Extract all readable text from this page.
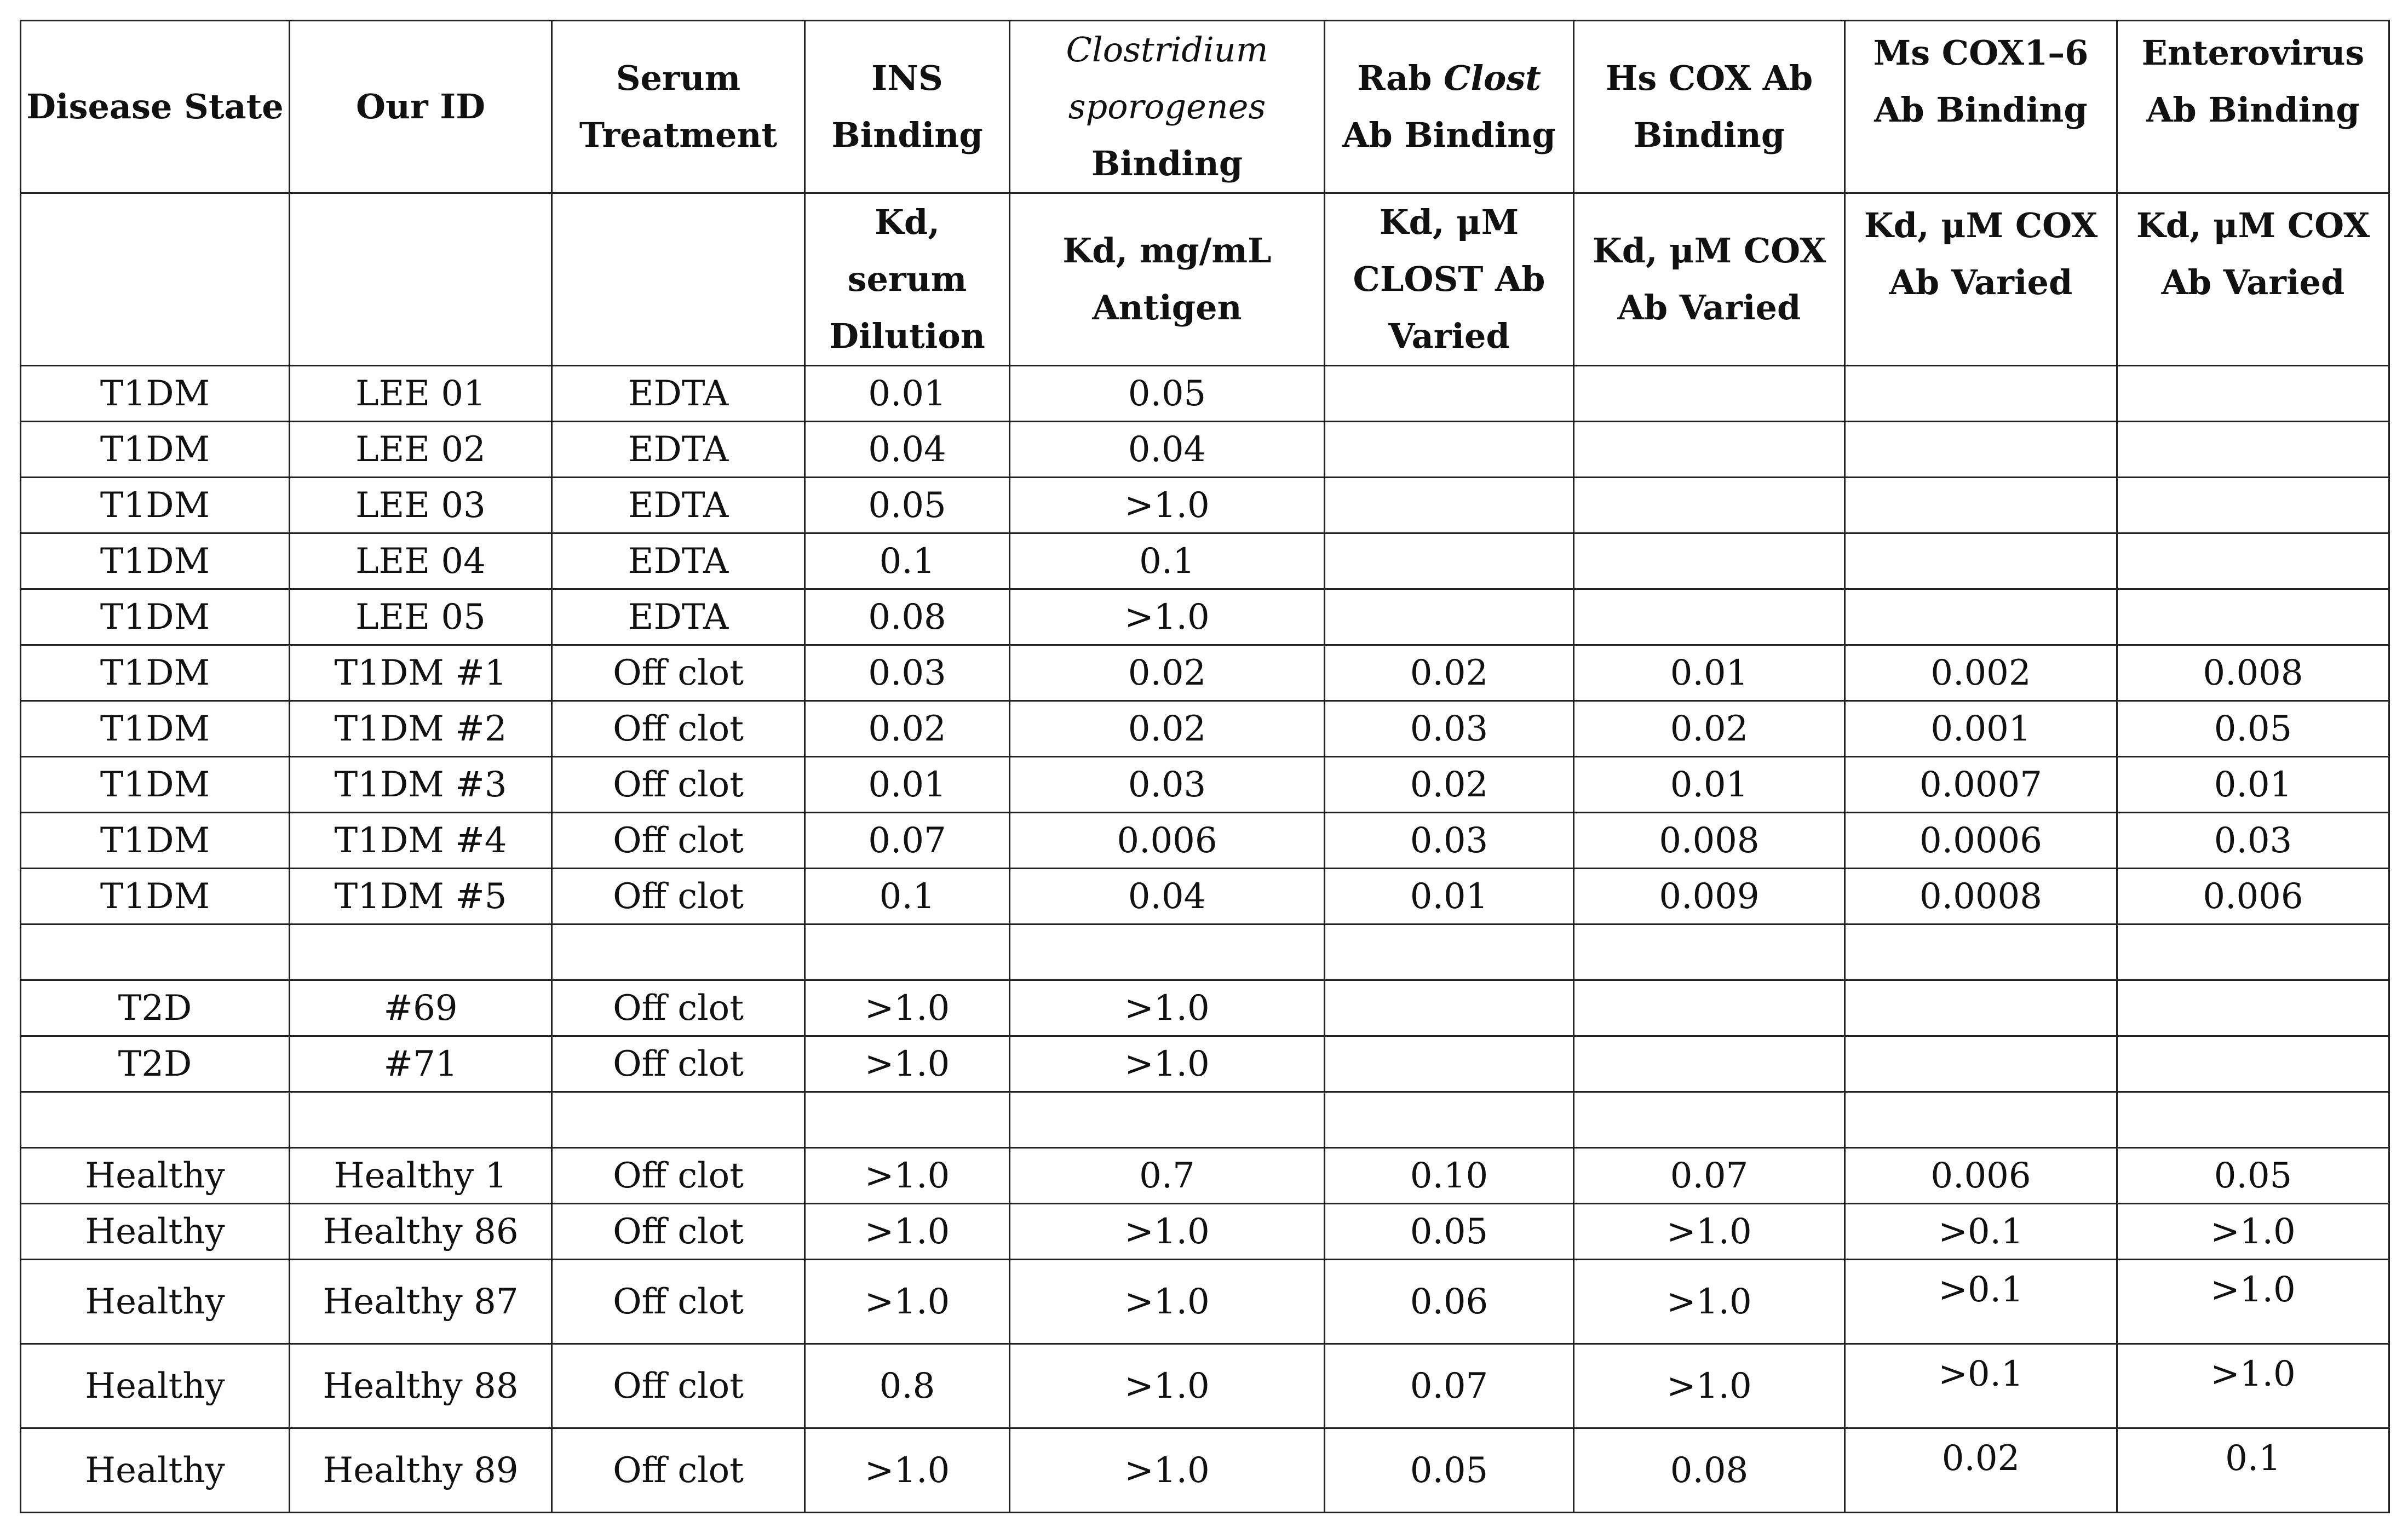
Disease State	Our ID	Serum Treatment	INS Binding	Clostridium sporogenes Binding	Rab Clost Ab Binding	Hs COX Ab Binding	Ms COX1–6 Ab Binding	Enterovirus Ab Binding
			Kd, serum Dilution	Kd, mg/mL Antigen	Kd, μM CLOST Ab Varied	Kd, μM COX Ab Varied	Kd, μM COX Ab Varied	Kd, μM COX Ab Varied
T1DM	LEE 01	EDTA	0.01	0.05				
T1DM	LEE 02	EDTA	0.04	0.04				
T1DM	LEE 03	EDTA	0.05	>1.0				
T1DM	LEE 04	EDTA	0.1	0.1				
T1DM	LEE 05	EDTA	0.08	>1.0				
T1DM	T1DM #1	Off clot	0.03	0.02	0.02	0.01	0.002	0.008
T1DM	T1DM #2	Off clot	0.02	0.02	0.03	0.02	0.001	0.05
T1DM	T1DM #3	Off clot	0.01	0.03	0.02	0.01	0.0007	0.01
T1DM	T1DM #4	Off clot	0.07	0.006	0.03	0.008	0.0006	0.03
T1DM	T1DM #5	Off clot	0.1	0.04	0.01	0.009	0.0008	0.006

T2D	#69	Off clot	>1.0	>1.0				
T2D	#71	Off clot	>1.0	>1.0				

Healthy	Healthy 1	Off clot	>1.0	0.7	0.10	0.07	0.006	0.05
Healthy	Healthy 86	Off clot	>1.0	>1.0	0.05	>1.0	>0.1	>1.0
Healthy	Healthy 87	Off clot	>1.0	>1.0	0.06	>1.0	>0.1	>1.0
Healthy	Healthy 88	Off clot	0.8	>1.0	0.07	>1.0	>0.1	>1.0
Healthy	Healthy 89	Off clot	>1.0	>1.0	0.05	0.08	0.02	0.1
